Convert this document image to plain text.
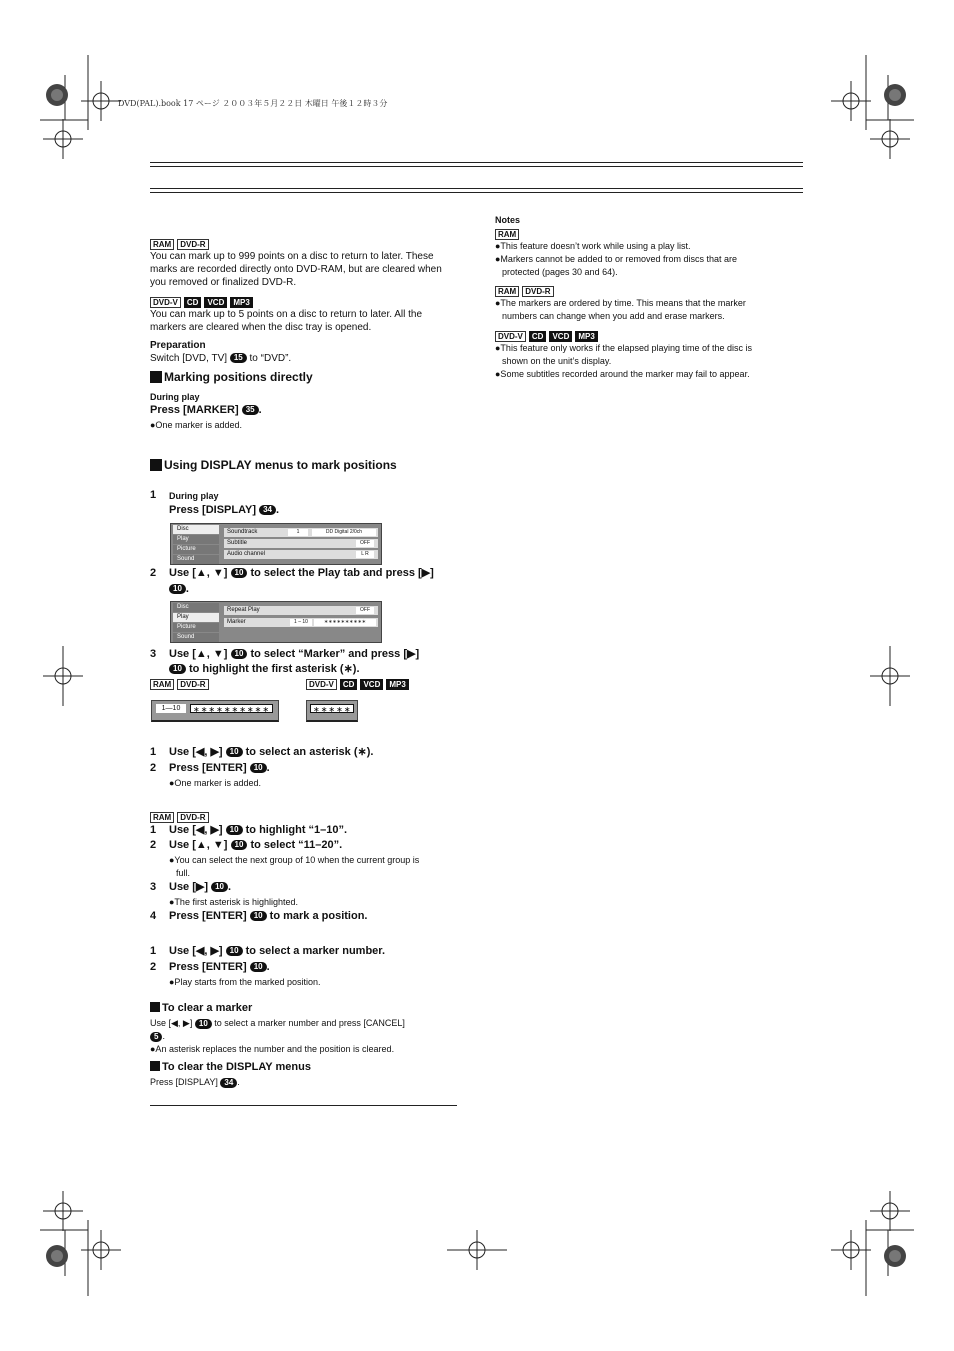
DVD(PAL).book 17 ページ ２００３年５月２２日 木曜日 午後１２時３分
RAM DVD-R
You can mark up to 999 points on a disc to return to later. These
marks are recorded directly onto DVD-RAM, but are cleared when
you removed or finalized DVD-R.
DVD-V CD VCD MP3
You can mark up to 5 points on a disc to return to later. All the
markers are cleared when the disc tray is opened.
Preparation
Switch [DVD, TV] 15 to “DVD”.
Marking positions directly
During play
Press [MARKER] 35 .
●One marker is added.
Using DISPLAY menus to mark positions
1 During play
Press [DISPLAY] 34 .
Disc
Play
Picture
Sound
Soundtrack	1	DD Digital 2/0ch
Subtitle	OFF
Audio channel	L R
2 Use [▲, ▼] 10 to select the Play tab and press [▶]
10 .
Disc
Play
Picture
Sound
Repeat Play	OFF
Marker	1 – 10	∗∗∗∗∗∗∗∗∗∗
3 Use [▲, ▼] 10 to select “Marker” and press [▶]
10 to highlight the first asterisk (∗).
RAM DVD-R	DVD-V CD VCD MP3
1—10	∗∗∗∗∗∗∗∗∗∗	∗∗∗∗∗
1 Use [◀, ▶] 10 to select an asterisk (∗).
2 Press [ENTER] 10 .
●One marker is added.
RAM DVD-R
1 Use [◀, ▶] 10 to highlight “1–10”.
2 Use [▲, ▼] 10 to select “11–20”.
●You can select the next group of 10 when the current group is
full.
3 Use [▶] 10 .
●The first asterisk is highlighted.
4 Press [ENTER] 10 to mark a position.
1 Use [◀, ▶] 10 to select a marker number.
2 Press [ENTER] 10 .
●Play starts from the marked position.
To clear a marker
Use [◀, ▶] 10 to select a marker number and press [CANCEL]
5 .
●An asterisk replaces the number and the position is cleared.
To clear the DISPLAY menus
Press [DISPLAY] 34 .
Notes
RAM
●This feature doesn’t work while using a play list.
●Markers cannot be added to or removed from discs that are
protected (pages 30 and 64).
RAM DVD-R
●The markers are ordered by time. This means that the marker
numbers can change when you add and erase markers.
DVD-V CD VCD MP3
●This feature only works if the elapsed playing time of the disc is
shown on the unit’s display.
●Some subtitles recorded around the marker may fail to appear.
